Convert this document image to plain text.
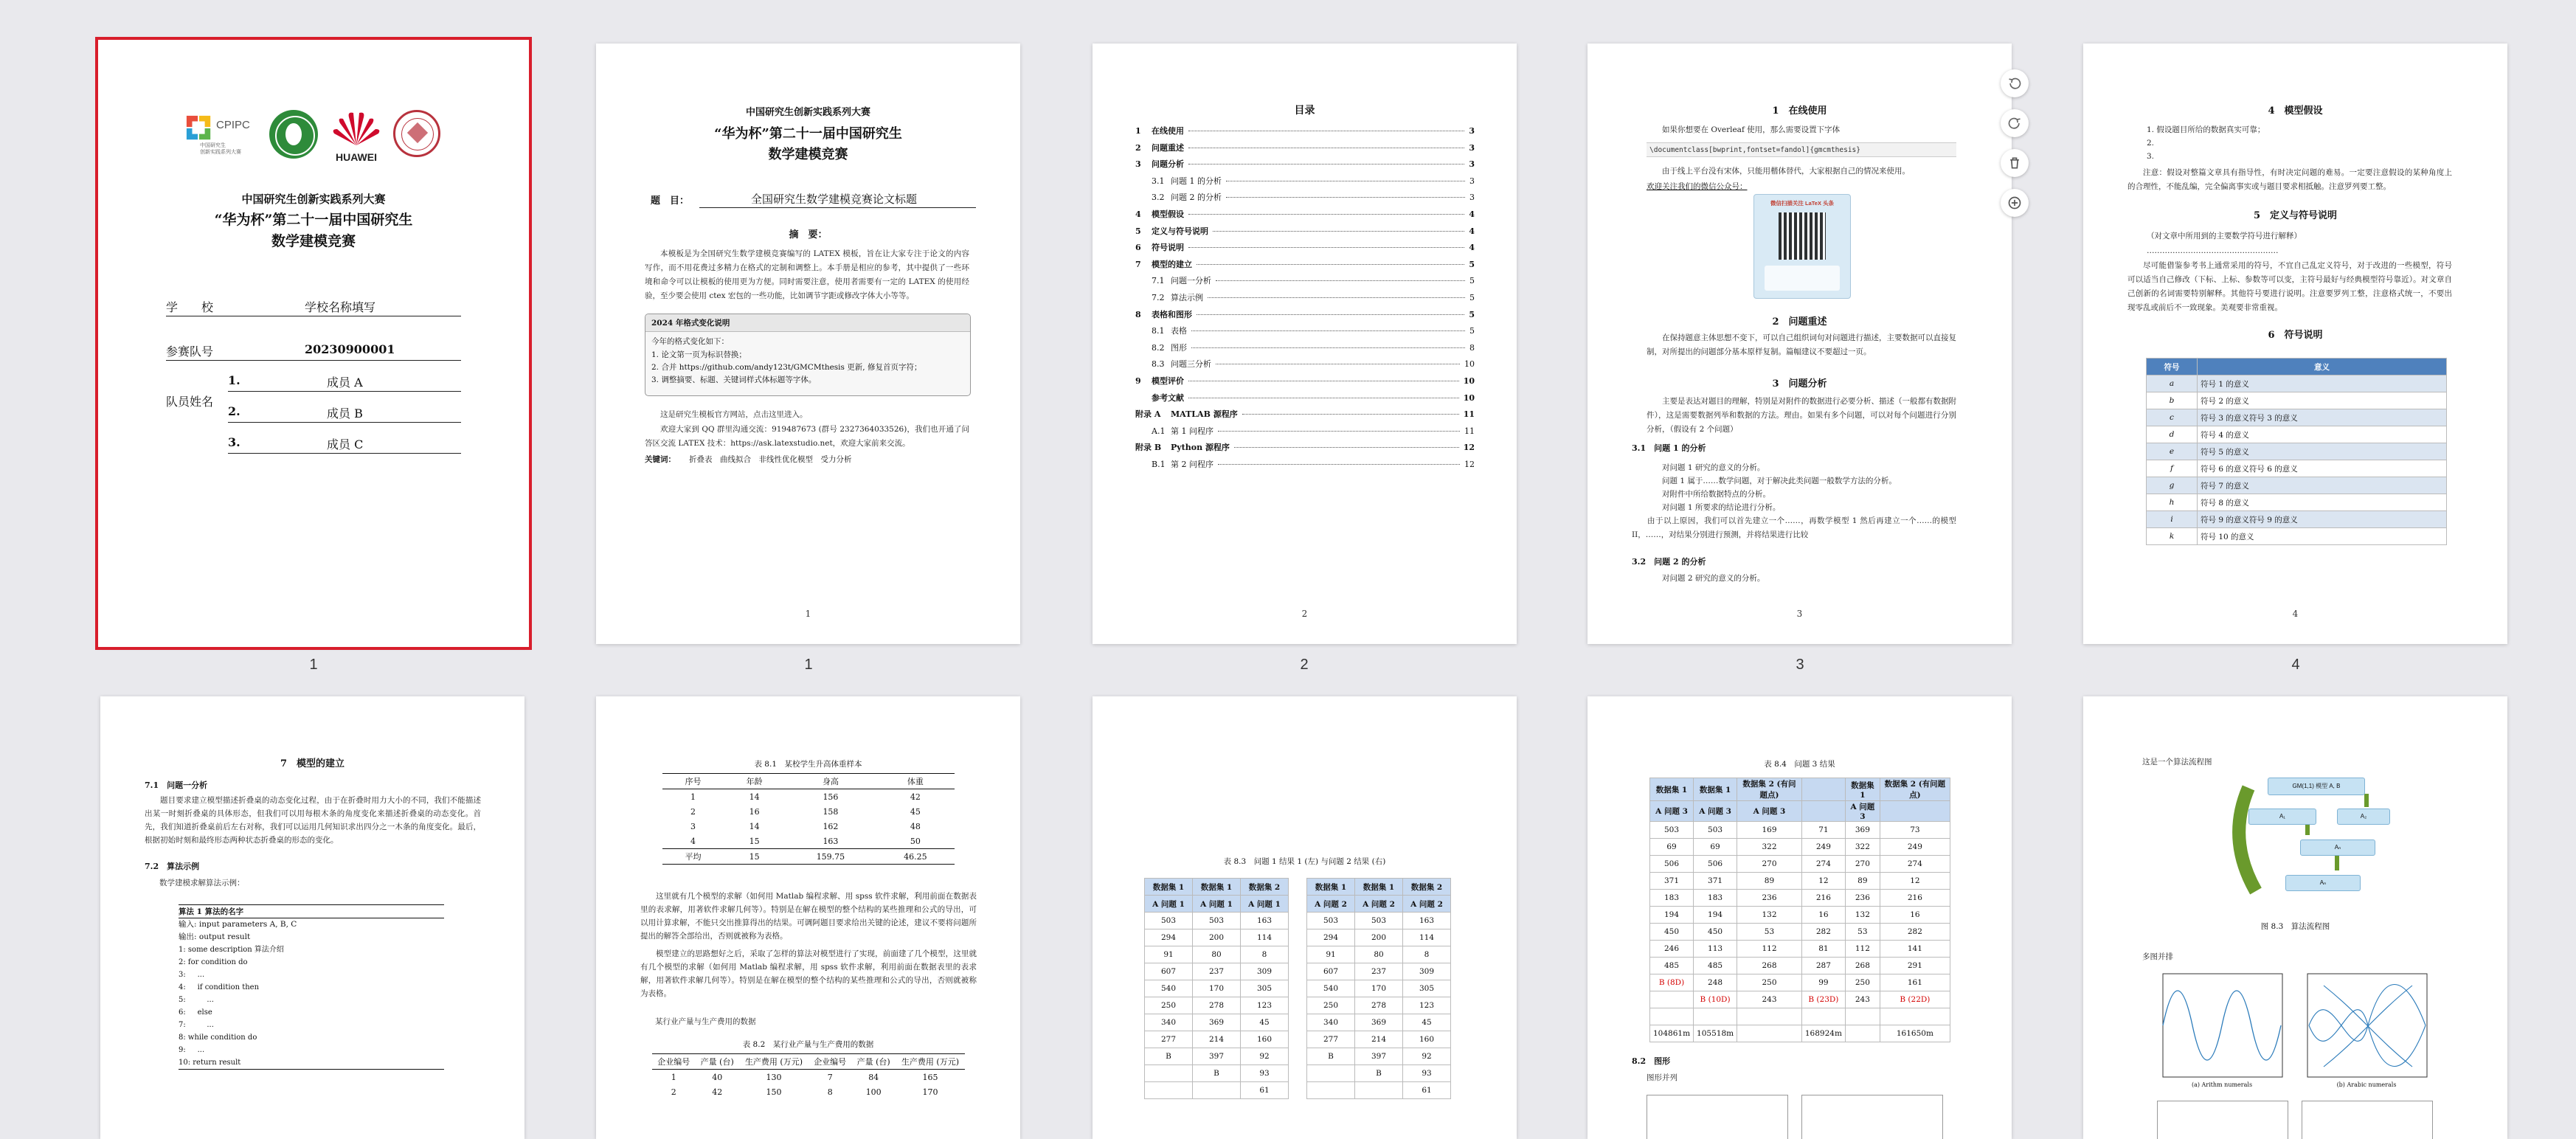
CPIPC
中国研究生
创新实践系列大赛	HUAWEI
中国研究生创新实践系列大赛
“华为杯”第二十一届中国研究生
数学建模竞赛
学　　校	学校名称填写
参赛队号	20230900001
队员姓名
1.	成员 A
2.	成员 B
3.	成员 C
1
中国研究生创新实践系列大赛
“华为杯”第二十一届中国研究生
数学建模竞赛
题　目：	全国研究生数学建模竞赛论文标题
摘　要：
本模板是为全国研究生数学建模竞赛编写的 LATEX 模板，旨在让大家专注于论文的内容写作，而不用花费过多精力在格式的定制和调整上。本手册是相应的参考，其中提供了一些环境和命令可以让模板的使用更为方便。同时需要注意，使用者需要有一定的 LATEX 的使用经验，至少要会使用 ctex 宏包的一些功能，比如调节字距或修改字体大小等等。
2024 年格式变化说明
今年的格式变化如下：
1. 论文第一页为标识替换；
2. 合并 https://github.com/andy123t/GMCMthesis 更新, 修复首页字符；
3. 调整摘要、标题、关键词样式体标题等字体。
这是研究生模板官方网站，点击这里进入。
欢迎大家到 QQ 群里沟通交流：919487673 (群号 2327364033526)，我们也开通了问答区交流 LATEX 技术：https://ask.latexstudio.net，欢迎大家前来交流。
关键词： 折叠表　曲线拟合　非线性优化模型　受力分析
1
1
目录
1	在线使用	3
2	问题重述	3
3	问题分析	3
3.1 问题 1 的分析	3
3.2 问题 2 的分析	3
4	模型假设	4
5	定义与符号说明	4
6	符号说明	4
7	模型的建立	5
7.1 问题一分析	5
7.2 算法示例	5
8	表格和图形	5
8.1 表格	5
8.2 图形	8
8.3 问题三分析	10
9	模型评价	10
参考文献	10
附录 A	MATLAB 源程序	11
A.1 第 1 问程序	11
附录 B	Python 源程序	12
B.1 第 2 问程序	12
2
2
1　在线使用
如果你想要在 Overleaf 使用，那么需要设置下字体
\documentclass[bwprint,fontset=fandol]{gmcmthesis}
由于线上平台没有宋体，只能用楷体替代，大家根据自己的情况来使用。
欢迎关注我们的微信公众号：
微信扫描关注 LaTeX 头条
2　问题重述
在保持题意主体思想不变下，可以自己组织词句对问题进行描述，主要数据可以直接复制，对所提出的问题部分基本原样复制。篇幅建议不要超过一页。
3　问题分析
主要是表达对题目的理解，特别是对附件的数据进行必要分析、描述（一般都有数据附件），这是需要数据列举和数据的方法。理由。如果有多个问题，可以对每个问题进行分别分析，（假设有 2 个问题）
3.1　问题 1 的分析
对问题 1 研究的意义的分析。
问题 1 属于……数学问题，对于解决此类问题一般数学方法的分析。
对附件中所给数据特点的分析。
对问题 1 所要求的结论进行分析。
由于以上原因，我们可以首先建立一个……，再数学模型 1 然后再建立一个……的模型 II，……，对结果分别进行预测，并将结果进行比较
3.2　问题 2 的分析
对问题 2 研究的意义的分析。
3
3
4　模型假设
1. 假设题目所给的数据真实可靠；
2.
3.
注意：假设对整篇文章具有指导性，有时决定问题的难易。一定要注意假设的某种角度上的合理性，不能乱编，完全偏离事实或与题目要求相抵触。注意罗列要工整。
5　定义与符号说明
（对文章中所用到的主要数学符号进行解释）
……………………………………………
尽可能借鉴参考书上通常采用的符号，不宜自己乱定义符号，对于改进的一些模型，符号可以适当自己修改（下标、上标、参数等可以变，主符号最好与经典模型符号靠近）。对文章自己创新的名词需要特别解释。其他符号要进行说明。注意要罗列工整，注意格式统一，不要出现零乱或前后不一致现象。美观要非常重视。
6　符号说明
符号	意义
a	符号 1 的意义
b	符号 2 的意义
c	符号 3 的意义符号 3 的意义
d	符号 4 的意义
e	符号 5 的意义
f	符号 6 的意义符号 6 的意义
g	符号 7 的意义
h	符号 8 的意义
i	符号 9 的意义符号 9 的意义
k	符号 10 的意义
4
4
7　模型的建立
7.1　问题一分析
题目要求建立模型描述折叠桌的动态变化过程，由于在折叠时用力大小的不同，我们不能描述出某一时刻折叠桌的具体形态，但我们可以用每根木条的角度变化来描述折叠桌的动态变化。首先，我们知道折叠桌前后左右对称，我们可以运用几何知识求出四分之一木条的角度变化。最后，根据初始时刻和最终形态两种状态折叠桌的形态的变化。
7.2　算法示例
数学建模求解算法示例：
算法 1 算法的名字
输入: input parameters A, B, C
输出: output result
1: some description 算法介绍
2: for condition do
3:     ...
4:     if condition then
5:         ...
6:     else
7:         ...
8: while condition do
9:     ...
10: return result
表 8.1　某校学生升高体重样本
序号	年龄	身高	体重
1	14	156	42
2	16	158	45
3	14	162	48
4	15	163	50
平均	15	159.75	46.25
这里就有几个模型的求解（如何用 Matlab 编程求解、用 spss 软件求解，利用前面在数据表里的表求解，用著软件求解几何等）。特别是在解在模型的整个结构的某些推理和公式的导出，可以用计算求解，不能只交出推算得出的结果。可调阿题目要求给出关键的论述，建议不要将问题所提出的解答全部给出，否则就被称为表格。
模型建立的思路想好之后，采取了怎样的算法对模型进行了实现，前面建了几个模型，这里就有几个模型的求解（如何用 Matlab 编程求解，用 spss 软件求解，利用前面在数据表里的表求解，用著软件求解几何等）。特别是在解在模型的整个结构的某些推理和公式的导出，否则就被称为表格。
某行业产量与生产费用的数据
表 8.2　某行业产量与生产费用的数据
企业编号	产量 (台)	生产费用 (万元)	企业编号	产量 (台)	生产费用 (万元)
1	40	130	7	84	165
2	42	150	8	100	170
表 8.3　问题 1 结果 1 (左) 与问题 2 结果 (右)
数据集 1	数据集 1	数据集 2
A 问题 1	A 问题 1	A 问题 1
503	503	163
294	200	114
91	80	8
607	237	309
540	170	305
250	278	123
340	369	45
277	214	160
B	397	92
	B	93
		61
数据集 1	数据集 1	数据集 2
A 问题 2	A 问题 2	A 问题 2
503	503	163
294	200	114
91	80	8
607	237	309
540	170	305
250	278	123
340	369	45
277	214	160
B	397	92
	B	93
		61
表 8.4　问题 3 结果
数据集 1	数据集 1	数据集 2 (有问题点)		数据集 1	数据集 2 (有问题点)
A 问题 3	A 问题 3	A 问题 3		A 问题 3	
503	503	169	71	369	73
69	69	322	249	322	249
506	506	270	274	270	274
371	371	89	12	89	12
183	183	236	216	236	216
194	194	132	16	132	16
450	450	53	282	53	282
246	113	112	81	112	141
485	485	268	287	268	291
B (8D)	248	250	99	250	161
	B (10D)	243	B (23D)	243	B (22D)

104861m	105518m		168924m		161650m
8.2　图形
图形并列
这是一个算法流程图
GM(1,1) 模型 A, B
A₁	A₂
Aₙ
Aₙ
图 8.3　算法流程图
多图并排
(a) Arithm numerals	(b) Arabic numerals
